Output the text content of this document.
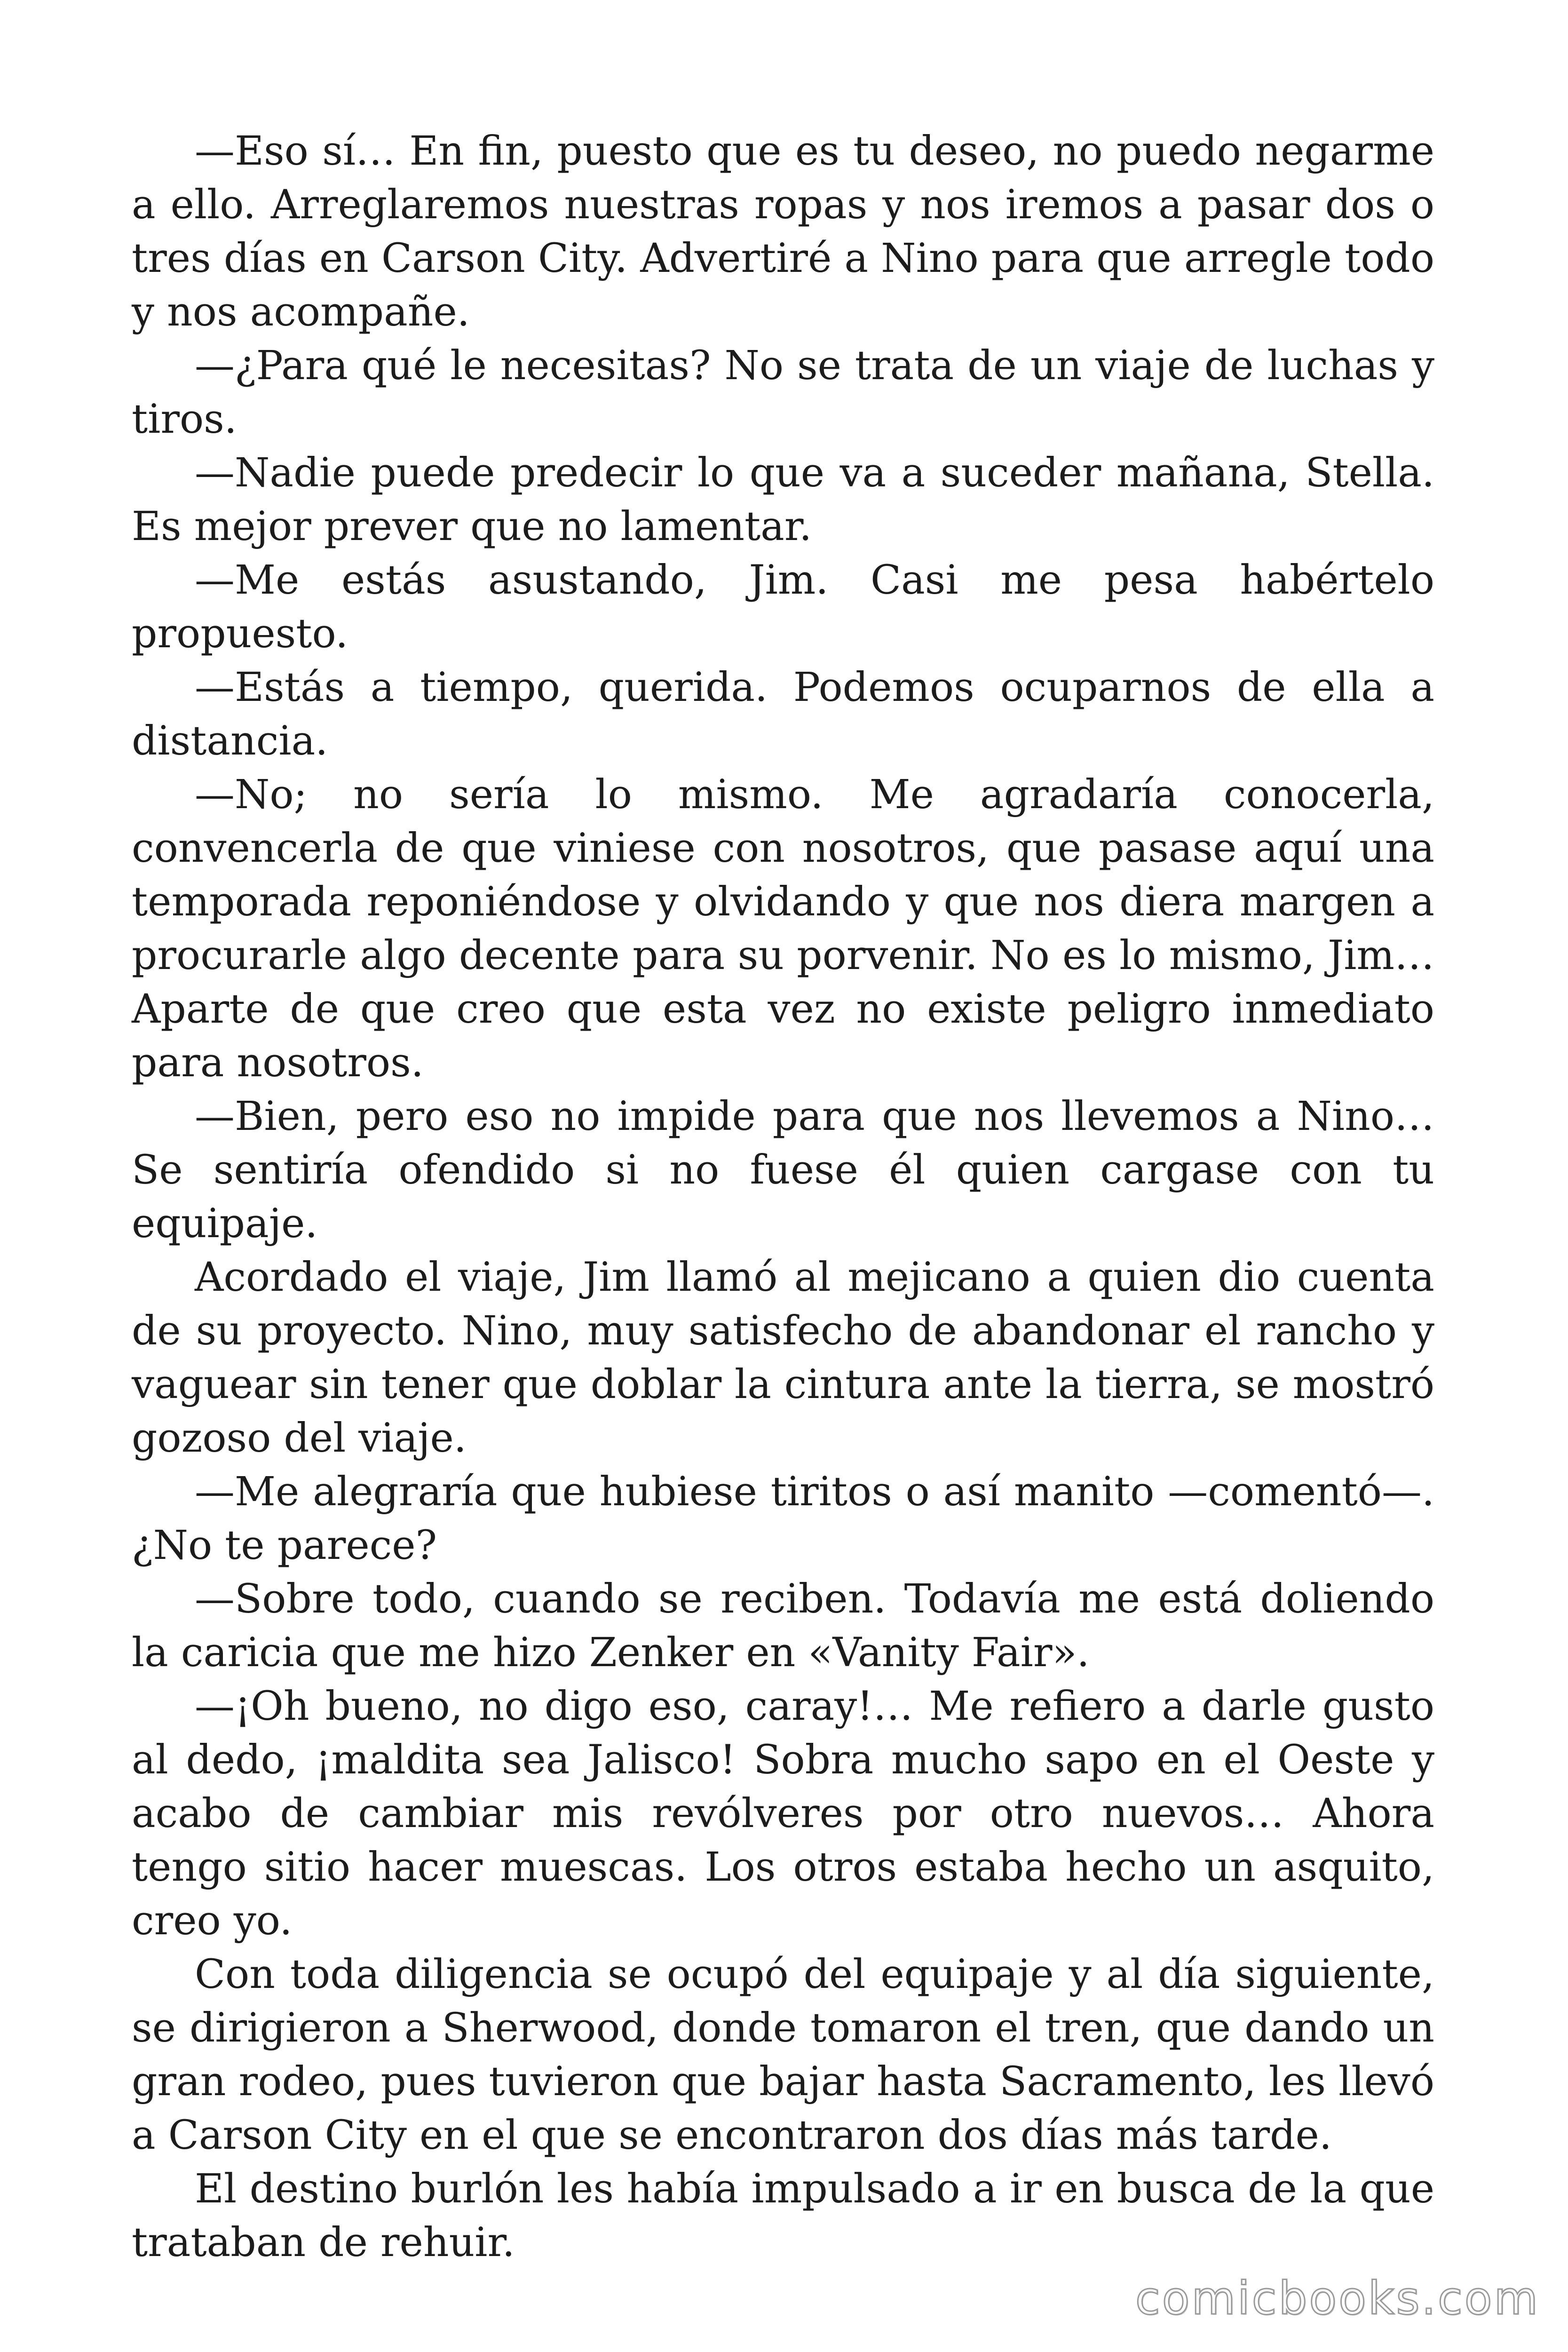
—Eso sí… En fin, puesto que es tu deseo, no puedo negarme a ello. Arreglaremos nuestras ropas y nos iremos a pasar dos o tres días en Carson City. Advertiré a Nino para que arregle todo y nos acompañe.

—¿Para qué le necesitas? No se trata de un viaje de luchas y tiros.

—Nadie puede predecir lo que va a suceder mañana, Stella. Es mejor prever que no lamentar.

—Me estás asustando, Jim. Casi me pesa habértelo propuesto.

—Estás a tiempo, querida. Podemos ocuparnos de ella a distancia.

—No; no sería lo mismo. Me agradaría conocerla, convencerla de que viniese con nosotros, que pasase aquí una temporada reponiéndose y olvidando y que nos diera margen a procurarle algo decente para su porvenir. No es lo mismo, Jim… Aparte de que creo que esta vez no existe peligro inmediato para nosotros.

—Bien, pero eso no impide para que nos llevemos a Nino… Se sentiría ofendido si no fuese él quien cargase con tu equipaje.

Acordado el viaje, Jim llamó al mejicano a quien dio cuenta de su proyecto. Nino, muy satisfecho de abandonar el rancho y vaguear sin tener que doblar la cintura ante la tierra, se mostró gozoso del viaje.

—Me alegraría que hubiese tiritos o así manito —comentó—. ¿No te parece?

—Sobre todo, cuando se reciben. Todavía me está doliendo la caricia que me hizo Zenker en «Vanity Fair».

—¡Oh bueno, no digo eso, caray!… Me refiero a darle gusto al dedo, ¡maldita sea Jalisco! Sobra mucho sapo en el Oeste y acabo de cambiar mis revólveres por otro nuevos… Ahora tengo sitio hacer muescas. Los otros estaba hecho un asquito, creo yo.

Con toda diligencia se ocupó del equipaje y al día siguiente, se dirigieron a Sherwood, donde tomaron el tren, que dando un gran rodeo, pues tuvieron que bajar hasta Sacramento, les llevó a Carson City en el que se encontraron dos días más tarde.

El destino burlón les había impulsado a ir en busca de la que trataban de rehuir.

comicbooks.com
